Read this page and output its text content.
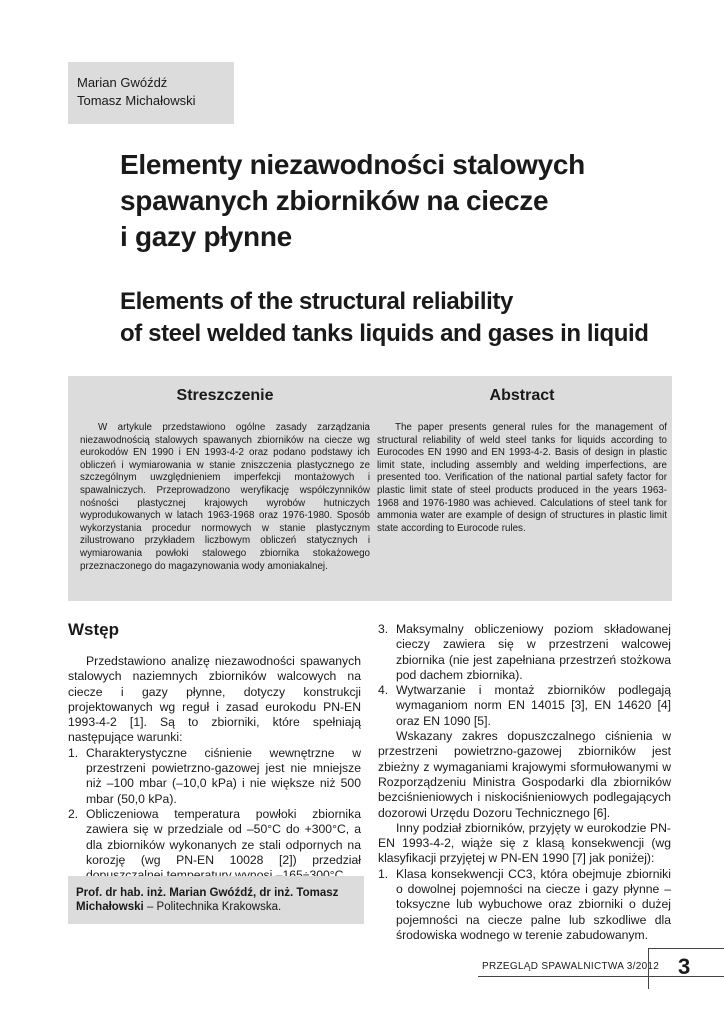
Marian Gwóźdź
Tomasz Michałowski
Elementy niezawodności stalowych
spawanych zbiorników na ciecze
i gazy płynne
Elements of the structural reliability
of steel welded tanks liquids and gases in liquid
Streszczenie

W artykule przedstawiono ogólne zasady zarządzania niezawodnością stalowych spawanych zbiorników na ciecze wg eurokodów EN 1990 i EN 1993-4-2 oraz podano podstawy ich obliczeń i wymiarowania w stanie zniszczenia plastycznego ze szczególnym uwzględnieniem imperfekcji montażowych i spawalniczych. Przeprowadzono weryfikację współczynników nośności plastycznej krajowych wyrobów hutniczych wyprodukowanych w latach 1963-1968 oraz 1976-1980. Sposób wykorzystania procedur normowych w stanie plastycznym zilustrowano przykładem liczbowym obliczeń statycznych i wymiarowania powłoki stalowego zbiornika stokażowego przeznaczonego do magazynowania wody amoniakalnej.

Abstract

The paper presents general rules for the management of structural reliability of weld steel tanks for liquids according to Eurocodes EN 1990 and EN 1993-4-2. Basis of design in plastic limit state, including assembly and welding imperfections, are presented too. Verification of the national partial safety factor for plastic limit state of steel products produced in the years 1963-1968 and 1976-1980 was achieved. Calculations of steel tank for ammonia water are example of design of structures in plastic limit state according to Eurocode rules.

Wstęp

Przedstawiono analizę niezawodności spawanych stalowych naziemnych zbiorników walcowych na ciecze i gazy płynne, dotyczy konstrukcji projektowanych wg reguł i zasad eurokodu PN-EN 1993-4-2 [1]. Są to zbiorniki, które spełniają następujące warunki:

1. Charakterystyczne ciśnienie wewnętrzne w przestrzeni powietrzno-gazowej jest nie mniejsze niż –100 mbar (–10,0 kPa) i nie większe niż 500 mbar (50,0 kPa).
2. Obliczeniowa temperatura powłoki zbiornika zawiera się w przedziale od –50°C do +300°C, a dla zbiorników wykonanych ze stali odpornych na korozję (wg PN-EN 10028 [2]) przedział
3. Maksymalny obliczeniowy poziom składowanej cieczy zawiera się w przestrzeni walcowej zbiornika (nie jest zapełniana przestrzeń stożkowa pod dachem zbiornika).
4. Wytwarzanie i montaż zbiorników podlegają wymaganiom norm EN 14015 [3], EN 14620 [4] oraz EN 1090 [5].

Wskazany zakres dopuszczalnego ciśnienia w przestrzeni powietrzno-gazowej zbiorników jest zbieżny z wymaganiami krajowymi sformułowanymi w Rozporządzeniu Ministra Gospodarki dla zbiorników bezciśnieniowych i niskociśnieniowych podlegających dozorowi Urzędu Dozoru Technicznego [6].

Inny podział zbiorników, przyjęty w eurokodzie PN-EN 1993-4-2, wiąże się z klasą konsekwencji (wg klasyfikacji przyjętej w PN-EN 1990 [7] jak poniżej):

1. Klasa konsekwencji CC3, która obejmuje zbiorniki o dowolnej pojemności na ciecze i gazy płynne – toksyczne lub wybuchowe oraz zbiorniki o dużej pojemności na ciecze palne lub szkodliwe dla środowiska wodnego w terenie zabudowanym.

Prof. dr hab. inż. Marian Gwóźdź, dr inż. Tomasz Michałowski – Politechnika Krakowska.

PRZEGLĄD SPAWALNICTWA 3/2012 3
